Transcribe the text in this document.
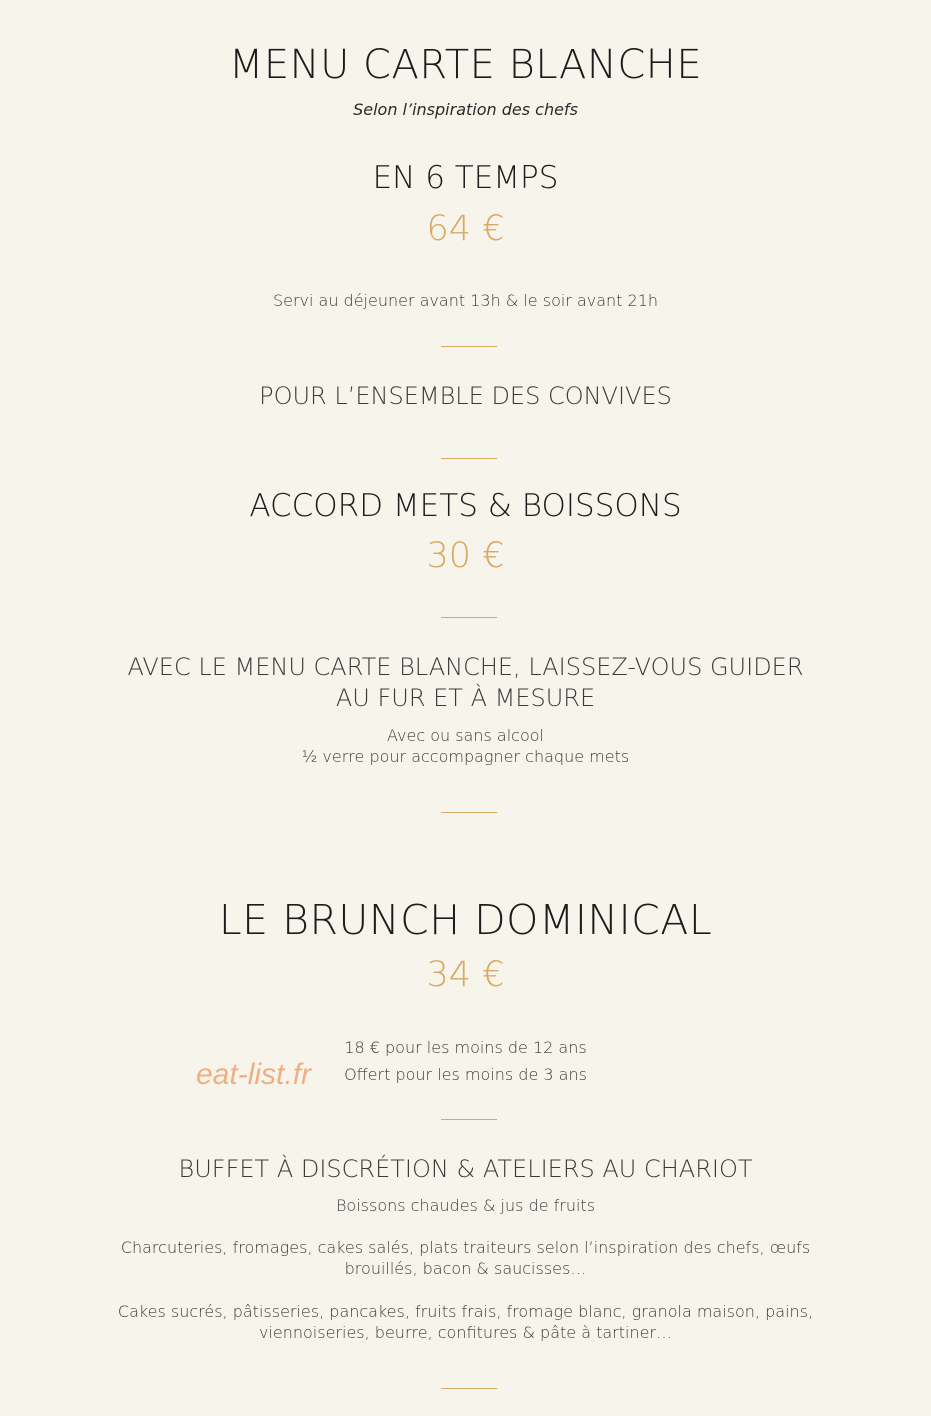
MENU CARTE BLANCHE
Selon l’inspiration des chefs
EN 6 TEMPS
64 €
Servi au déjeuner avant 13h & le soir avant 21h
POUR L’ENSEMBLE DES CONVIVES
ACCORD METS & BOISSONS
30 €
AVEC LE MENU CARTE BLANCHE, LAISSEZ-VOUS GUIDER
AU FUR ET À MESURE
Avec ou sans alcool
½ verre pour accompagner chaque mets
LE BRUNCH DOMINICAL
34 €
18 € pour les moins de 12 ans
Offert pour les moins de 3 ans
eat-list.fr
BUFFET À DISCRÉTION & ATELIERS AU CHARIOT
Boissons chaudes & jus de fruits
Charcuteries, fromages, cakes salés, plats traiteurs selon l’inspiration des chefs, œufs
brouillés, bacon & saucisses…
Cakes sucrés, pâtisseries, pancakes, fruits frais, fromage blanc, granola maison, pains,
viennoiseries, beurre, confitures & pâte à tartiner…
